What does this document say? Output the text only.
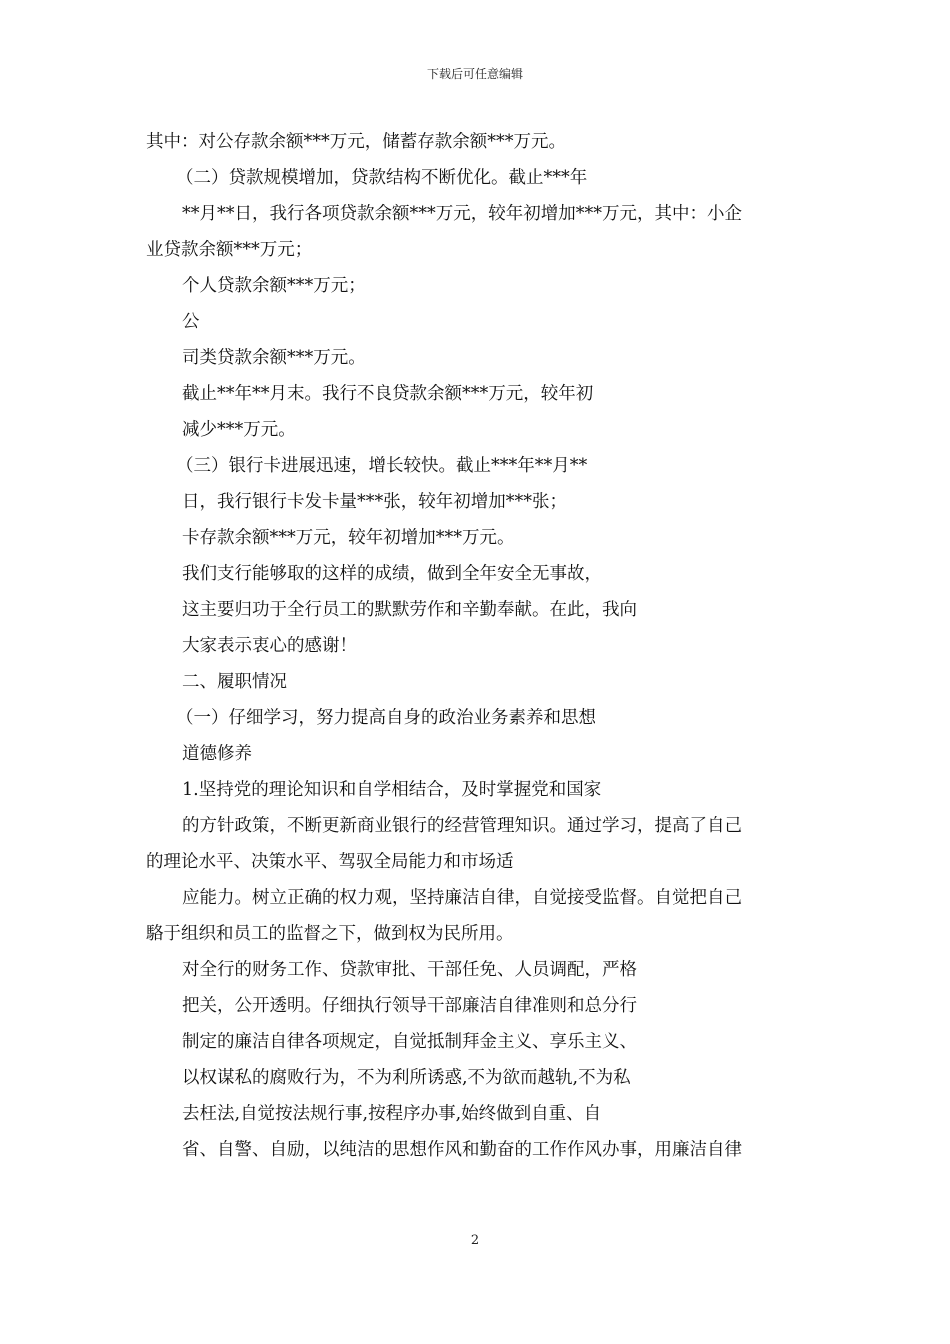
下载后可任意编辑
其中：对公存款余额***万元，储蓄存款余额***万元。
（二）贷款规模增加，贷款结构不断优化。截止***年
**月**日，我行各项贷款余额***万元，较年初增加***万元，其中：小企
业贷款余额***万元；
个人贷款余额***万元；
公
司类贷款余额***万元。
截止**年**月末。我行不良贷款余额***万元，较年初
减少***万元。
（三）银行卡进展迅速，增长较快。截止***年**月**
日，我行银行卡发卡量***张，较年初增加***张；
卡存款余额***万元，较年初增加***万元。
我们支行能够取的这样的成绩，做到全年安全无事故，
这主要归功于全行员工的默默劳作和辛勤奉献。在此，我向
大家表示衷心的感谢！
二、履职情况
（一）仔细学习，努力提高自身的政治业务素养和思想
道德修养
1.坚持党的理论知识和自学相结合，及时掌握党和国家
的方针政策，不断更新商业银行的经营管理知识。通过学习，提高了自己
的理论水平、决策水平、驾驭全局能力和市场适
应能力。树立正确的权力观，坚持廉洁自律，自觉接受监督。自觉把自己
駱于组织和员工的监督之下，做到权为民所用。
对全行的财务工作、贷款审批、干部任免、人员调配，严格
把关，公开透明。仔细执行领导干部廉洁自律准则和总分行
制定的廉洁自律各项规定，自觉抵制拜金主义、享乐主义、
以权谋私的腐败行为，不为利所诱惑,不为欲而越轨,不为私
去枉法,自觉按法规行事,按程序办事,始终做到自重、自
省、自警、自励，以纯洁的思想作风和勤奋的工作作风办事，用廉洁自律
2
